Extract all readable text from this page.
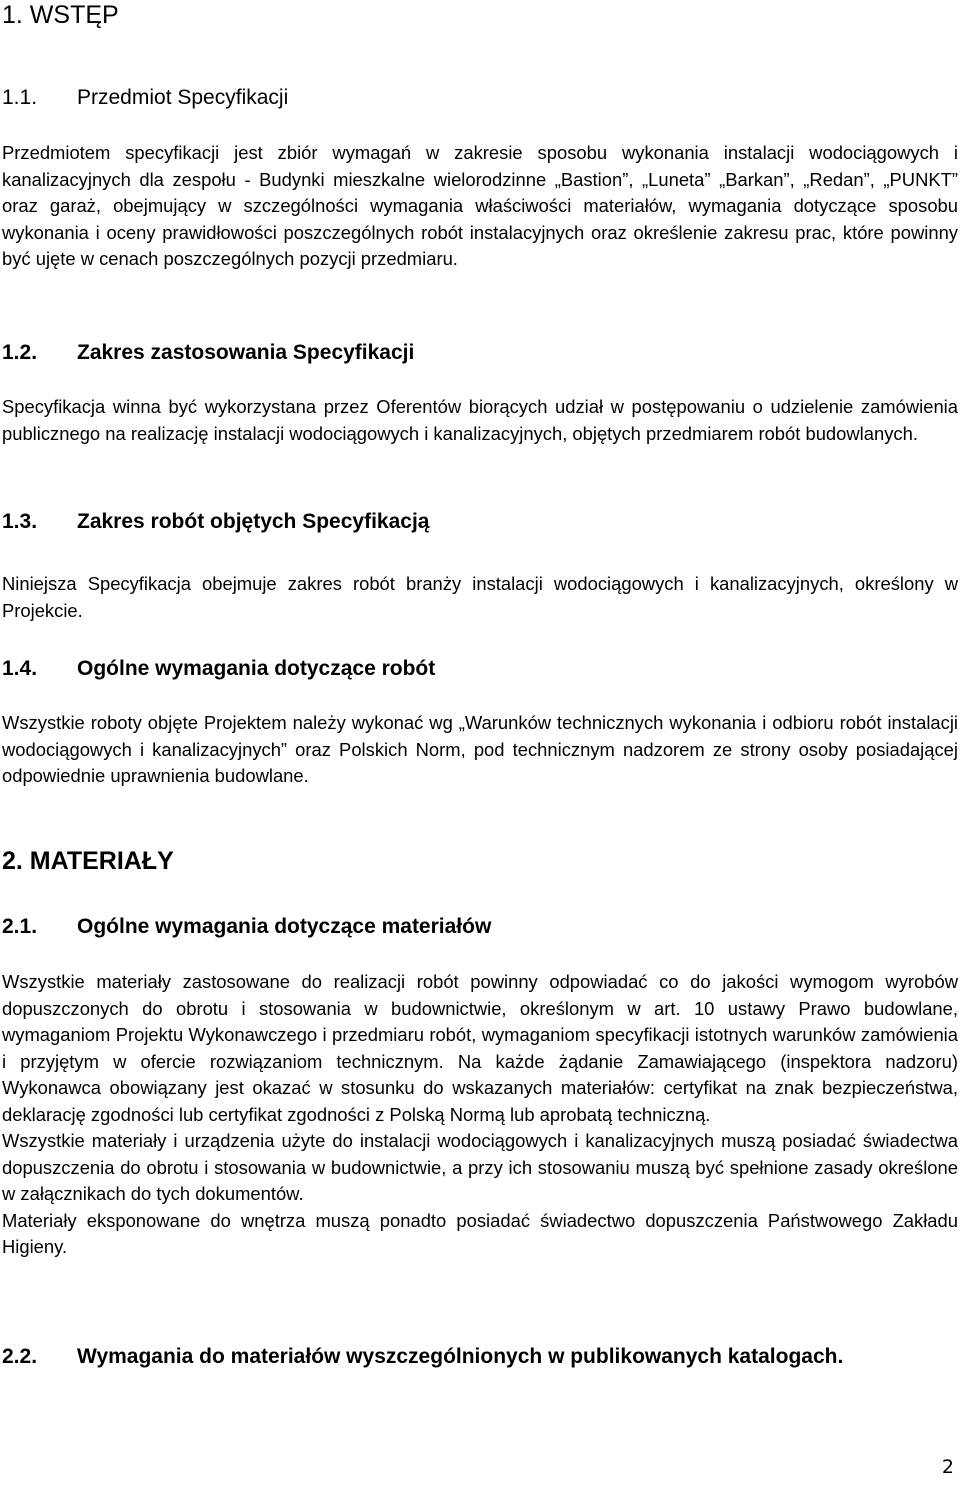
1. WSTĘP
1.1.	Przedmiot Specyfikacji

Przedmiotem specyfikacji jest zbiór wymagań w zakresie sposobu wykonania instalacji wodociągowych i kanalizacyjnych dla zespołu - Budynki mieszkalne wielorodzinne „Bastion”, „Luneta” „Barkan”, „Redan”, „PUNKT” oraz garaż, obejmujący w szczególności wymagania właściwości materiałów, wymagania dotyczące sposobu wykonania i oceny prawidłowości poszczególnych robót instalacyjnych oraz określenie zakresu prac, które powinny być ujęte w cenach poszczególnych pozycji przedmiaru.

1.2.	Zakres zastosowania Specyfikacji

Specyfikacja winna być wykorzystana przez Oferentów biorących udział w postępowaniu o udzielenie zamówienia publicznego na realizację instalacji wodociągowych i kanalizacyjnych, objętych przedmiarem robót budowlanych.

1.3.	Zakres robót objętych Specyfikacją

Niniejsza Specyfikacja obejmuje zakres robót branży instalacji wodociągowych i kanalizacyjnych, określony w Projekcie.

1.4.	Ogólne wymagania dotyczące robót

Wszystkie roboty objęte Projektem należy wykonać wg „Warunków technicznych wykonania i odbioru robót instalacji wodociągowych i kanalizacyjnych” oraz Polskich Norm, pod technicznym nadzorem ze strony osoby posiadającej odpowiednie uprawnienia budowlane.

2. MATERIAŁY
2.1.	Ogólne wymagania dotyczące materiałów

Wszystkie materiały zastosowane do realizacji robót powinny odpowiadać co do jakości wymogom wyrobów dopuszczonych do obrotu i stosowania w budownictwie, określonym w art. 10 ustawy Prawo budowlane, wymaganiom Projektu Wykonawczego i przedmiaru robót, wymaganiom specyfikacji istotnych warunków zamówienia i przyjętym w ofercie rozwiązaniom technicznym. Na każde żądanie Zamawiającego (inspektora nadzoru) Wykonawca obowiązany jest okazać w stosunku do wskazanych materiałów: certyfikat na znak bezpieczeństwa, deklarację zgodności lub certyfikat zgodności z Polską Normą lub aprobatą techniczną.

Wszystkie materiały i urządzenia użyte do instalacji wodociągowych i kanalizacyjnych muszą posiadać świadectwa dopuszczenia do obrotu i stosowania w budownictwie, a przy ich stosowaniu muszą być spełnione zasady określone w załącznikach do tych dokumentów.

Materiały eksponowane do wnętrza muszą ponadto posiadać świadectwo dopuszczenia Państwowego Zakładu Higieny.

2.2.	Wymagania do materiałów wyszczególnionych w publikowanych katalogach.
2
